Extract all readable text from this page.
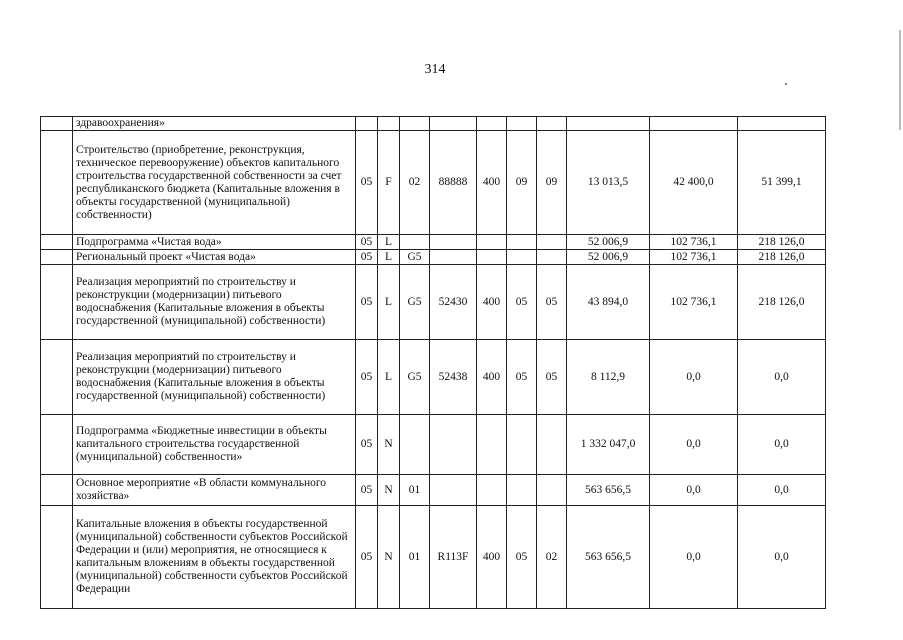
314
	здравоохранения»										
	Строительство (приобретение, реконструкция, техническое перевооружение) объектов капитального строительства государственной собственности за счет республиканского бюджета (Капитальные вложения в объекты государственной (муниципальной) собственности)	05	F	02	88888	400	09	09	13 013,5	42 400,0	51 399,1
	Подпрограмма «Чистая вода»	05	L						52 006,9	102 736,1	218 126,0
	Региональный проект «Чистая вода»	05	L	G5					52 006,9	102 736,1	218 126,0
	Реализация мероприятий по строительству и реконструкции (модернизации) питьевого водоснабжения (Капитальные вложения в объекты государственной (муниципальной) собственности)	05	L	G5	52430	400	05	05	43 894,0	102 736,1	218 126,0
	Реализация мероприятий по строительству и реконструкции (модернизации) питьевого водоснабжения (Капитальные вложения в объекты государственной (муниципальной) собственности)	05	L	G5	52438	400	05	05	8 112,9	0,0	0,0
	Подпрограмма «Бюджетные инвестиции в объекты капитального строительства государственной (муниципальной) собственности»	05	N						1 332 047,0	0,0	0,0
	Основное мероприятие «В области коммунального хозяйства»	05	N	01					563 656,5	0,0	0,0
	Капитальные вложения в объекты государственной (муниципальной) собственности субъектов Российской Федерации и (или) мероприятия, не относящиеся к капитальным вложениям в объекты государственной (муниципальной) собственности субъектов Российской Федерации	05	N	01	R113F	400	05	02	563 656,5	0,0	0,0
